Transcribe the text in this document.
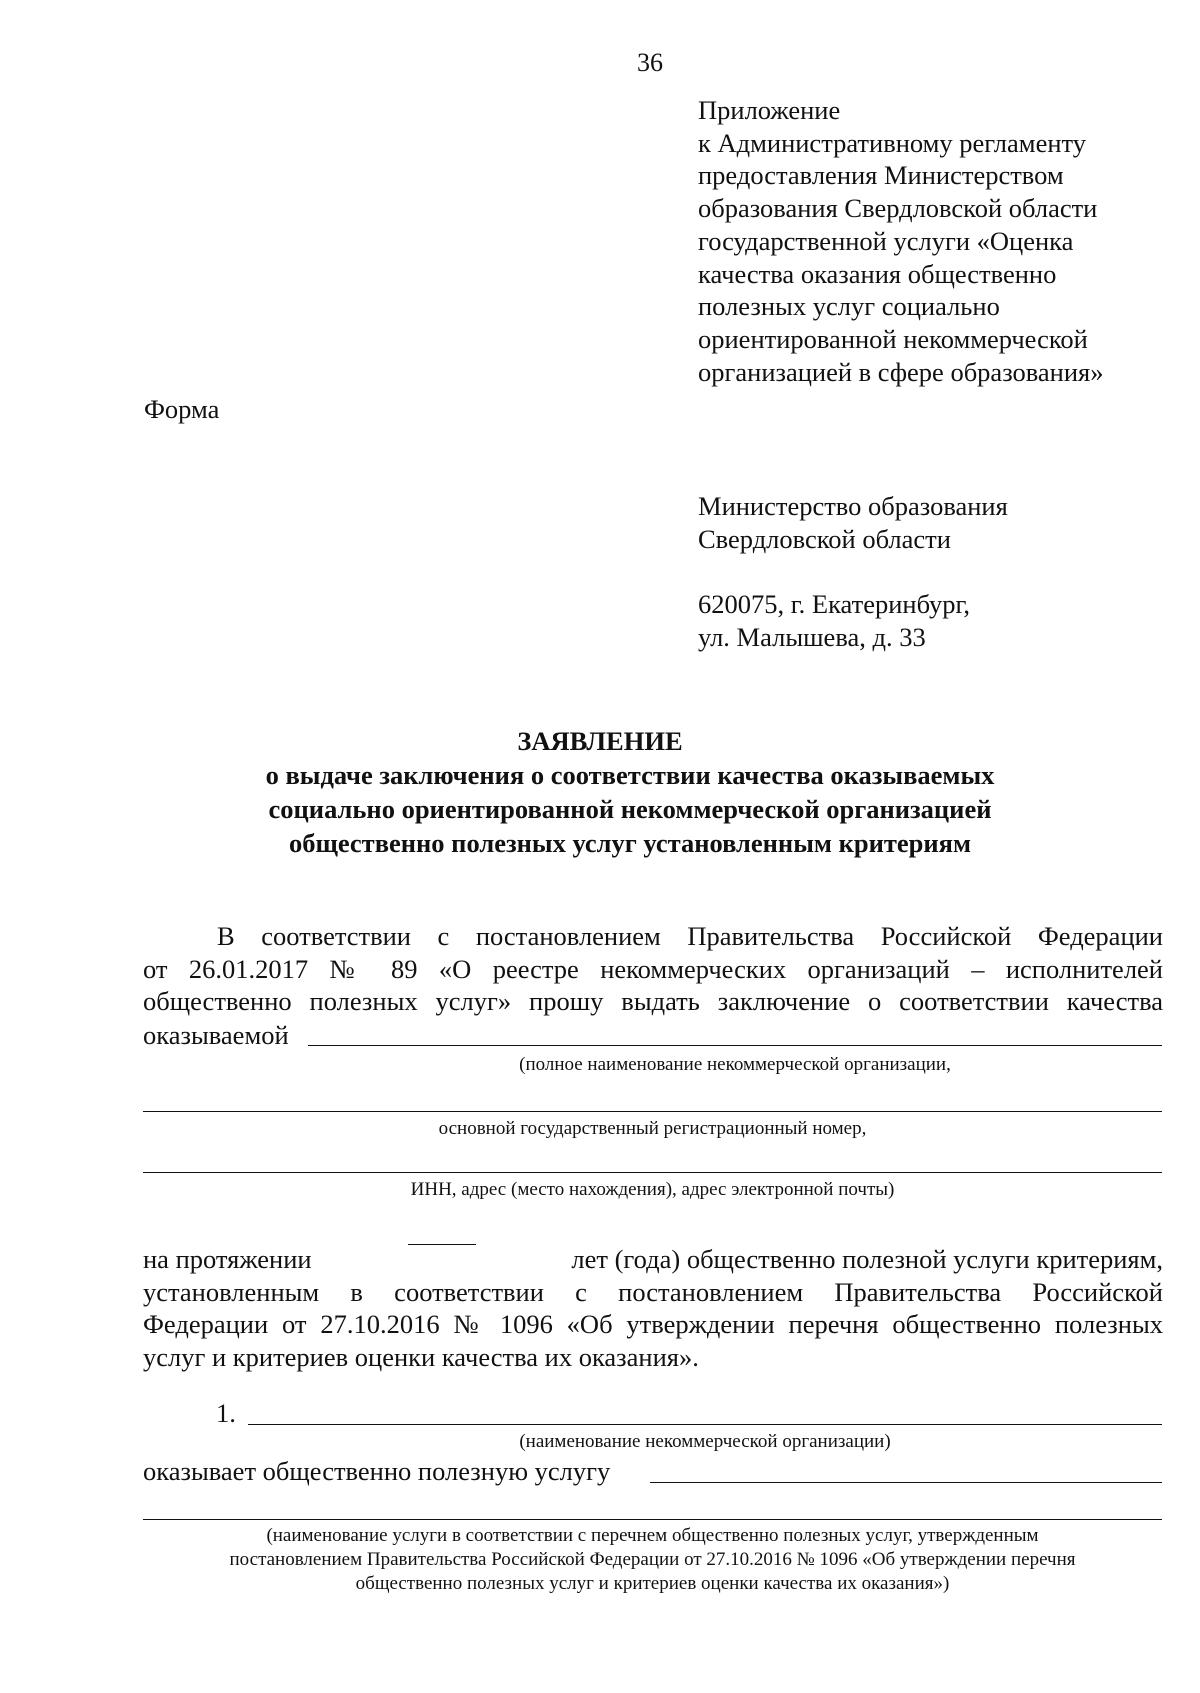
36
Приложение
к Административному регламенту
предоставления Министерством
образования Свердловской области
государственной услуги «Оценка
качества оказания общественно
полезных услуг социально
ориентированной некоммерческой
организацией в сфере образования»
Форма
Министерство образования
Свердловской области
620075, г. Екатеринбург,
ул. Малышева, д. 33
ЗАЯВЛЕНИЕ
о выдаче заключения о соответствии качества оказываемых
социально ориентированной некоммерческой организацией
общественно полезных услуг установленным критериям
В соответствии с постановлением Правительства Российской Федерации
от 26.01.2017 № 89 «О реестре некоммерческих организаций – исполнителей
общественно полезных услуг» прошу выдать заключение о соответствии качества
оказываемой
(полное наименование некоммерческой организации,
основной государственный регистрационный номер,
ИНН, адрес (место нахождения), адрес электронной почты)
на протяжении	лет (года) общественно полезной услуги критериям,
установленным в соответствии с постановлением Правительства Российской
Федерации от 27.10.2016 № 1096 «Об утверждении перечня общественно полезных
услуг и критериев оценки качества их оказания».
1.
(наименование некоммерческой организации)
оказывает общественно полезную услугу
(наименование услуги в соответствии с перечнем общественно полезных услуг, утвержденным
постановлением Правительства Российской Федерации от 27.10.2016 № 1096 «Об утверждении перечня
общественно полезных услуг и критериев оценки качества их оказания»)
